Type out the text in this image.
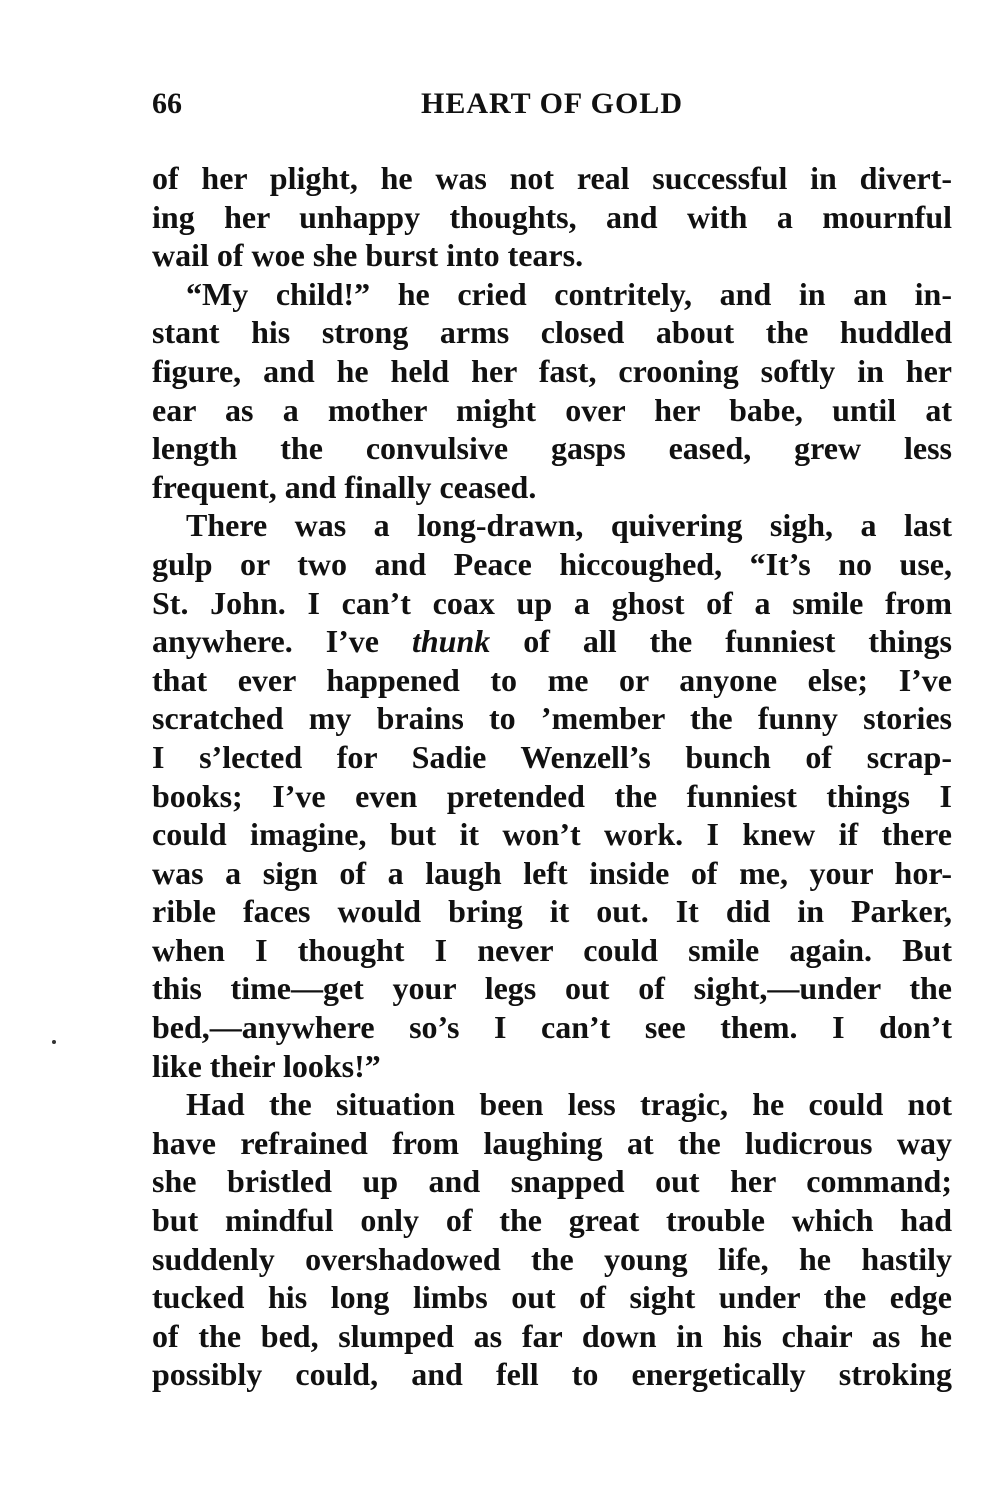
66	HEART OF GOLD
of her plight, he was not real successful in divert-
ing her unhappy thoughts, and with a mournful
wail of woe she burst into tears.
“My child!” he cried contritely, and in an in-
stant his strong arms closed about the huddled
figure, and he held her fast, crooning softly in her
ear as a mother might over her babe, until at
length the convulsive gasps eased, grew less
frequent, and finally ceased.
There was a long-drawn, quivering sigh, a last
gulp or two and Peace hiccoughed, “It’s no use,
St. John. I can’t coax up a ghost of a smile from
anywhere. I’ve thunk of all the funniest things
that ever happened to me or anyone else; I’ve
scratched my brains to ’member the funny stories
I s’lected for Sadie Wenzell’s bunch of scrap-
books; I’ve even pretended the funniest things I
could imagine, but it won’t work. I knew if there
was a sign of a laugh left inside of me, your hor-
rible faces would bring it out. It did in Parker,
when I thought I never could smile again. But
this time—get your legs out of sight,—under the
bed,—anywhere so’s I can’t see them. I don’t
like their looks!”
Had the situation been less tragic, he could not
have refrained from laughing at the ludicrous way
she bristled up and snapped out her command;
but mindful only of the great trouble which had
suddenly overshadowed the young life, he hastily
tucked his long limbs out of sight under the edge
of the bed, slumped as far down in his chair as he
possibly could, and fell to energetically stroking
